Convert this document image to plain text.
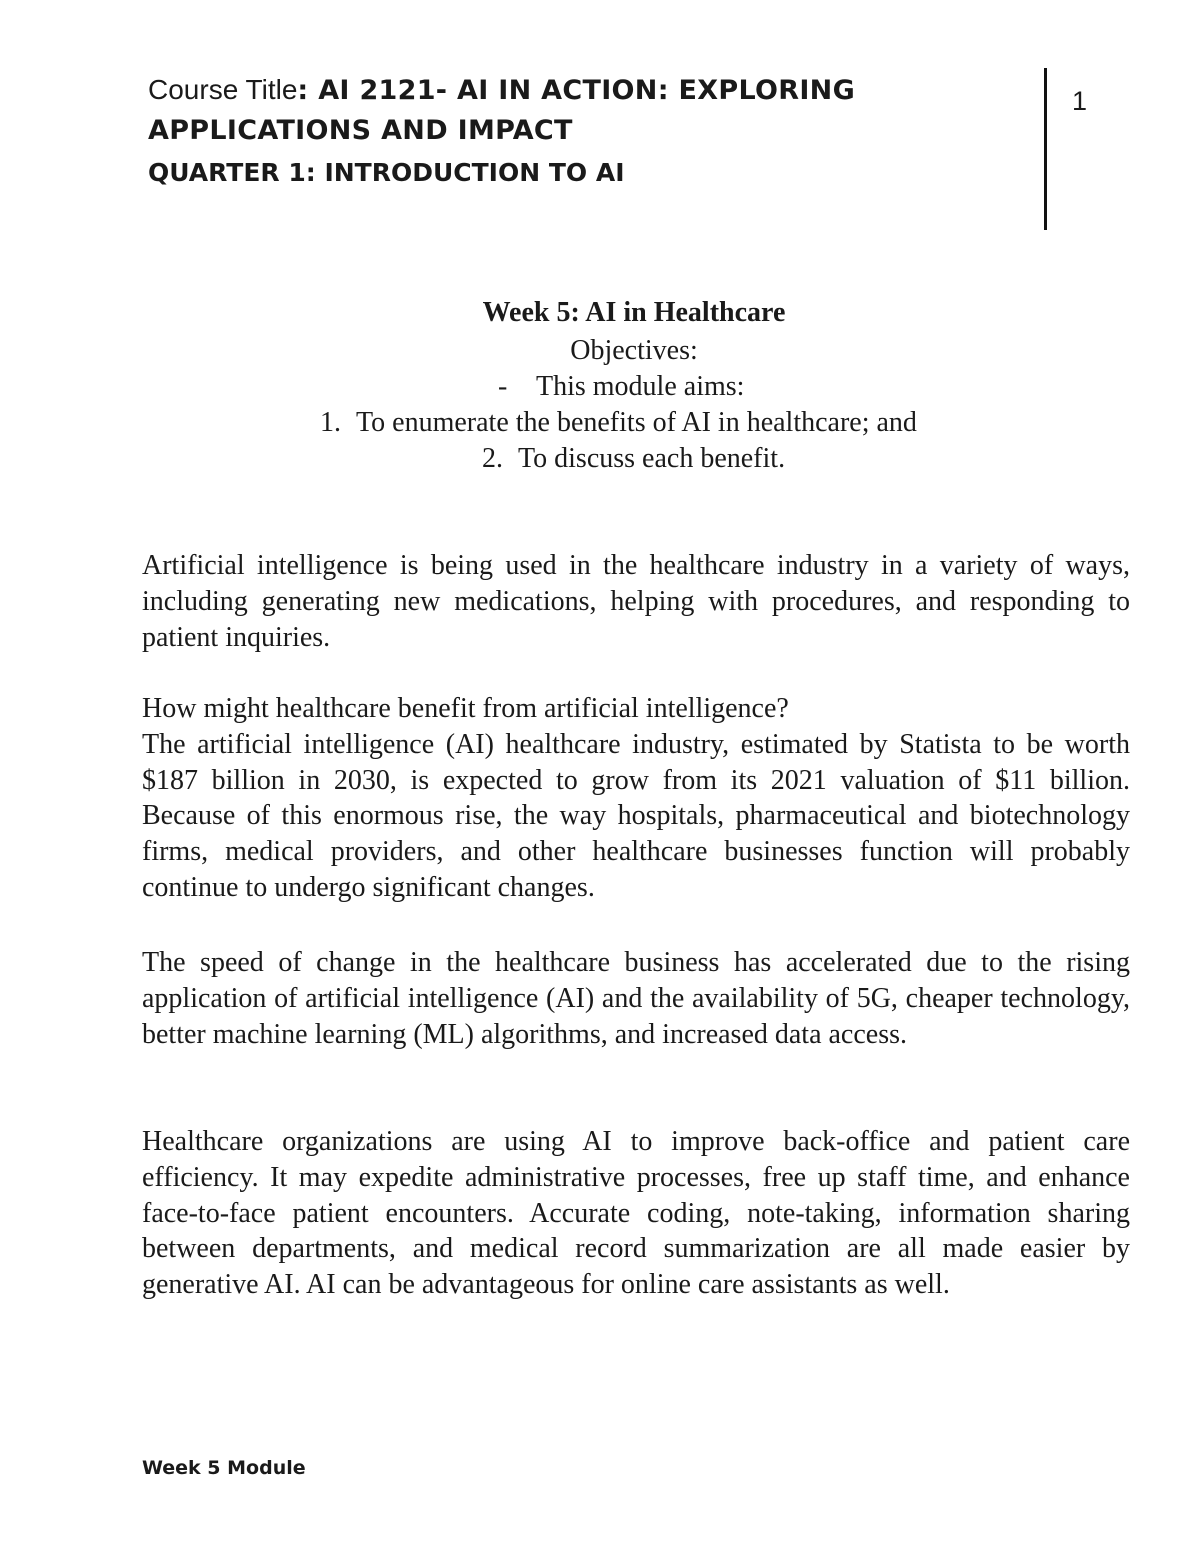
Course Title: AI 2121- AI IN ACTION: EXPLORING
APPLICATIONS AND IMPACT
QUARTER 1: INTRODUCTION TO AI
1
Week 5: AI in Healthcare
Objectives:
- This module aims:
1. To enumerate the benefits of AI in healthcare; and
2. To discuss each benefit.

Artificial intelligence is being used in the healthcare industry in a variety of ways, including generating new medications, helping with procedures, and responding to patient inquiries.

How might healthcare benefit from artificial intelligence?

The artificial intelligence (AI) healthcare industry, estimated by Statista to be worth $187 billion in 2030, is expected to grow from its 2021 valuation of $11 billion. Because of this enormous rise, the way hospitals, pharmaceutical and biotechnology firms, medical providers, and other healthcare businesses function will probably continue to undergo significant changes.

The speed of change in the healthcare business has accelerated due to the rising application of artificial intelligence (AI) and the availability of 5G, cheaper technology, better machine learning (ML) algorithms, and increased data access.

Healthcare organizations are using AI to improve back-office and patient care efficiency. It may expedite administrative processes, free up staff time, and enhance face-to-face patient encounters. Accurate coding, note-taking, information sharing between departments, and medical record summarization are all made easier by generative AI. AI can be advantageous for online care assistants as well.

Week 5 Module
